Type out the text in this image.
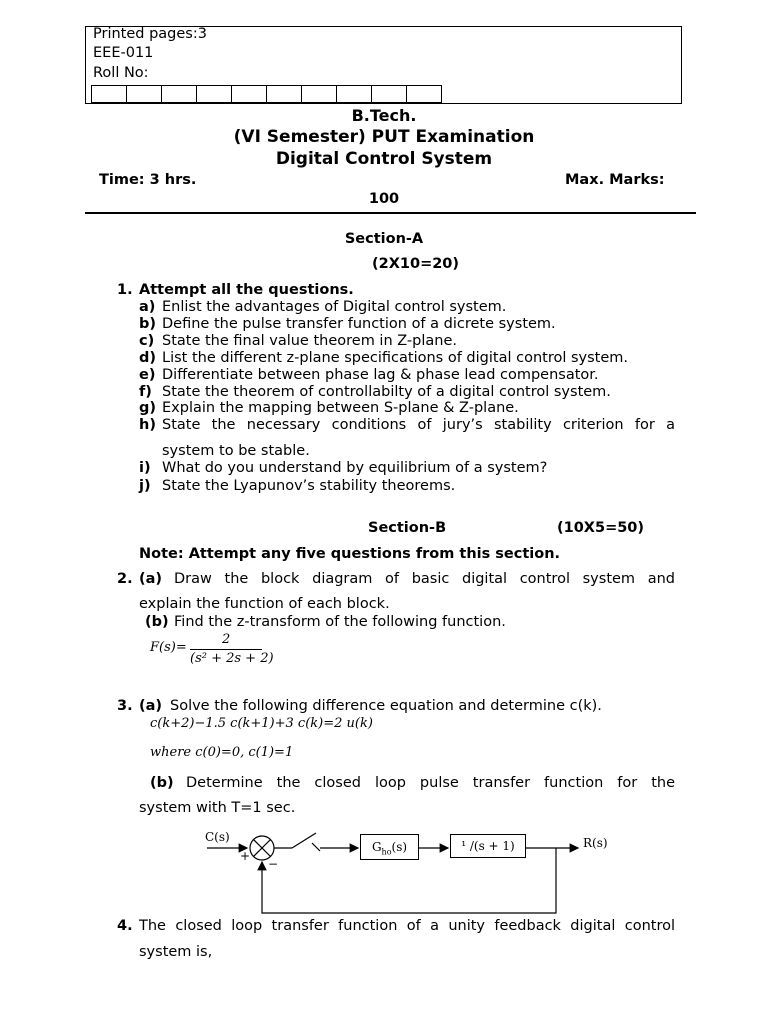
Printed pages:3
EEE-011
Roll No:
B.Tech.
(VI Semester) PUT Examination
Digital Control System
Time: 3 hrs.	Max. Marks:
100
Section-A
(2X10=20)
1. Attempt all the questions.
a) Enlist the advantages of Digital control system.
b) Define the pulse transfer function of a dicrete system.
c) State the final value theorem in Z-plane.
d) List the different z-plane specifications of digital control system.
e) Differentiate between phase lag & phase lead compensator.
f) State the theorem of controllabilty of a digital control system.
g) Explain the mapping between S-plane & Z-plane.
h) State the necessary conditions of jury’s stability criterion for a
system to be stable.
i) What do you understand by equilibrium of a system?
j) State the Lyapunov’s stability theorems.
Section-B	(10X5=50)
Note: Attempt any five questions from this section.
2. (a) Draw the block diagram of basic digital control system and
explain the function of each block.
(b) Find the z-transform of the following function.
F(s)=
2
(s² + 2s + 2)
3. (a) Solve the following difference equation and determine c(k).
c(k+2)−1.5 c(k+1)+3 c(k)=2 u(k)
where c(0)=0, c(1)=1
(b) Determine the closed loop pulse transfer function for the
system with T=1 sec.
$G_{ho}(s)$	¹ /(s + 1)
C(s)
+
−
R(s)
4. The closed loop transfer function of a unity feedback digital control
system is,
